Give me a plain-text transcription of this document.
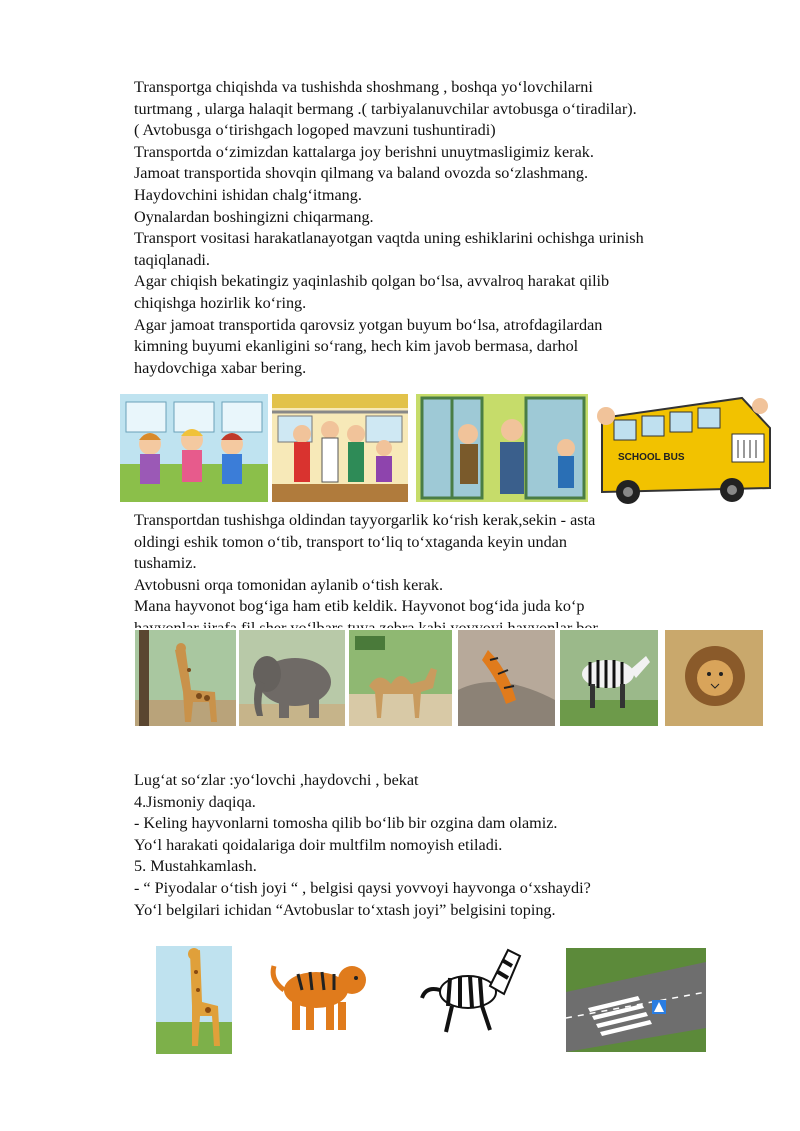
Transportga chiqishda va tushishda shoshmang , boshqa yo‘lovchilarni

turtmang , ularga halaqit bermang .( tarbiyalanuvchilar avtobusga o‘tiradilar).

( Avtobusga o‘tirishgach logoped mavzuni tushuntiradi)

Transportda o‘zimizdan kattalarga joy berishni unuytmasligimiz kerak.

Jamoat transportida shovqin qilmang va baland ovozda so‘zlashmang.

Haydovchini ishidan chalg‘itmang.

Oynalardan boshingizni chiqarmang.

Transport vositasi harakatlanayotgan vaqtda uning eshiklarini ochishga urinish

taqiqlanadi.

Agar chiqish bekatingiz yaqinlashib qolgan bo‘lsa, avvalroq harakat qilib

chiqishga hozirlik ko‘ring.

Agar jamoat transportida qarovsiz yotgan buyum bo‘lsa, atrofdagilardan

kimning buyumi ekanligini so‘rang, hech kim javob bermasa, darhol

haydovchiga xabar bering.

SCHOOL BUS

Transportdan tushishga oldindan tayyorgarlik ko‘rish kerak,sekin - asta

oldingi eshik tomon o‘tib, transport to‘liq to‘xtaganda keyin undan

tushamiz.

Avtobusni orqa tomonidan aylanib o‘tish kerak.

Mana hayvonot bog‘iga ham etib keldik. Hayvonot bog‘ida juda ko‘p

Lug‘at so‘zlar :yo‘lovchi ,haydovchi , bekat

4.Jismoniy daqiqa.

- Keling hayvonlarni tomosha qilib bo‘lib bir ozgina dam olamiz.

Yo‘l harakati qoidalariga doir multfilm nomoyish etiladi.

5. Mustahkamlash.

- “ Piyodalar o‘tish joyi “ , belgisi qaysi yovvoyi hayvonga o‘xshaydi?

Yo‘l belgilari ichidan “Avtobuslar to‘xtash joyi” belgisini toping.
